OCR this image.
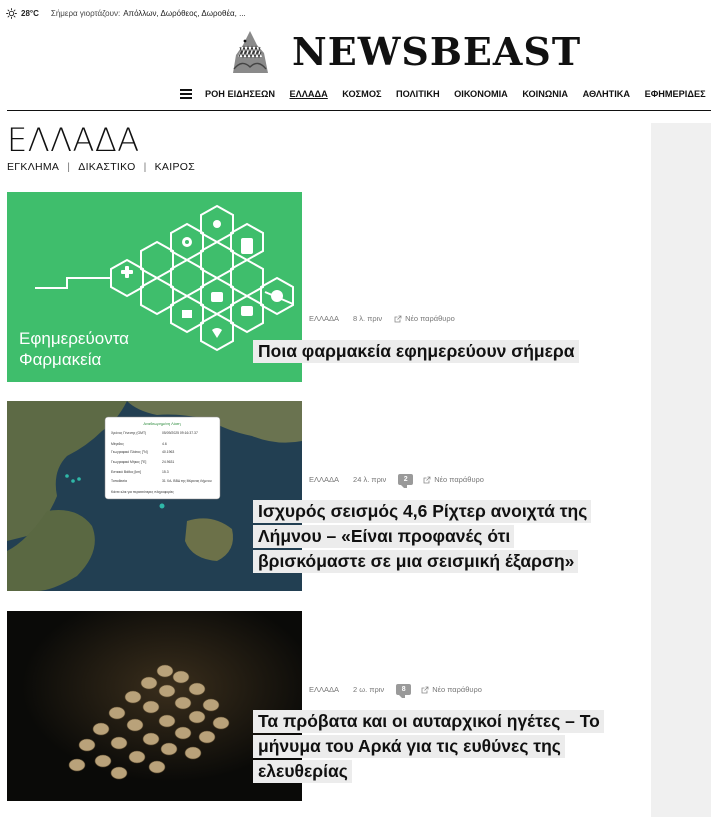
28°C Σήμερα γιορτάζουν: Απόλλων, Δωρόθεος, Δωροθέα, ...
NEWSBEAST
ΡΟΗ ΕΙΔΗΣΕΩΝ ΕΛΛΑΔΑ ΚΟΣΜΟΣ ΠΟΛΙΤΙΚΗ ΟΙΚΟΝΟΜΙΑ ΚΟΙΝΩΝΙΑ ΑΘΛΗΤΙΚΑ ΕΦΗΜΕΡΙΔΕΣ
ΕΛΛΑΔΑ
ΕΓΚΛΗΜΑ | ΔΙΚΑΣΤΙΚΟ | ΚΑΙΡΟΣ
Εφημερεύοντα
Φαρμακεία
ΕΛΛΑΔΑ 8 λ. πριν	Νέο παράθυρο
Ποια φαρμακεία εφημερεύουν σήμερα
Αναθεωρημένη Λύση
Χρόνος Γένεσης (GMT)	05/09/2025 09:16:37.37
Μέγεθος	4.6
Γεωγραφικό Πλάτος [°N]	40.1963
Γεωγραφικό Μήκος [°E]	24.9631
Εστιακό Βάθος [km]	15.3
Τοποθεσία	31 Χιλ. ΒΒΔ της Μύρινας Λήμνου
Κάντε κλικ για περισσότερες πληροφορίες
ΕΛΛΑΔΑ 24 λ. πριν	2	Νέο παράθυρο
Ισχυρός σεισμός 4,6 Ρίχτερ ανοιχτά της Λήμνου – «Είναι προφανές ότι βρισκόμαστε σε μια σεισμική έξαρση»
ΕΛΛΑΔΑ 2 ω. πριν	8	Νέο παράθυρο
Τα πρόβατα και οι αυταρχικοί ηγέτες – Το μήνυμα του Αρκά για τις ευθύνες της ελευθερίας
